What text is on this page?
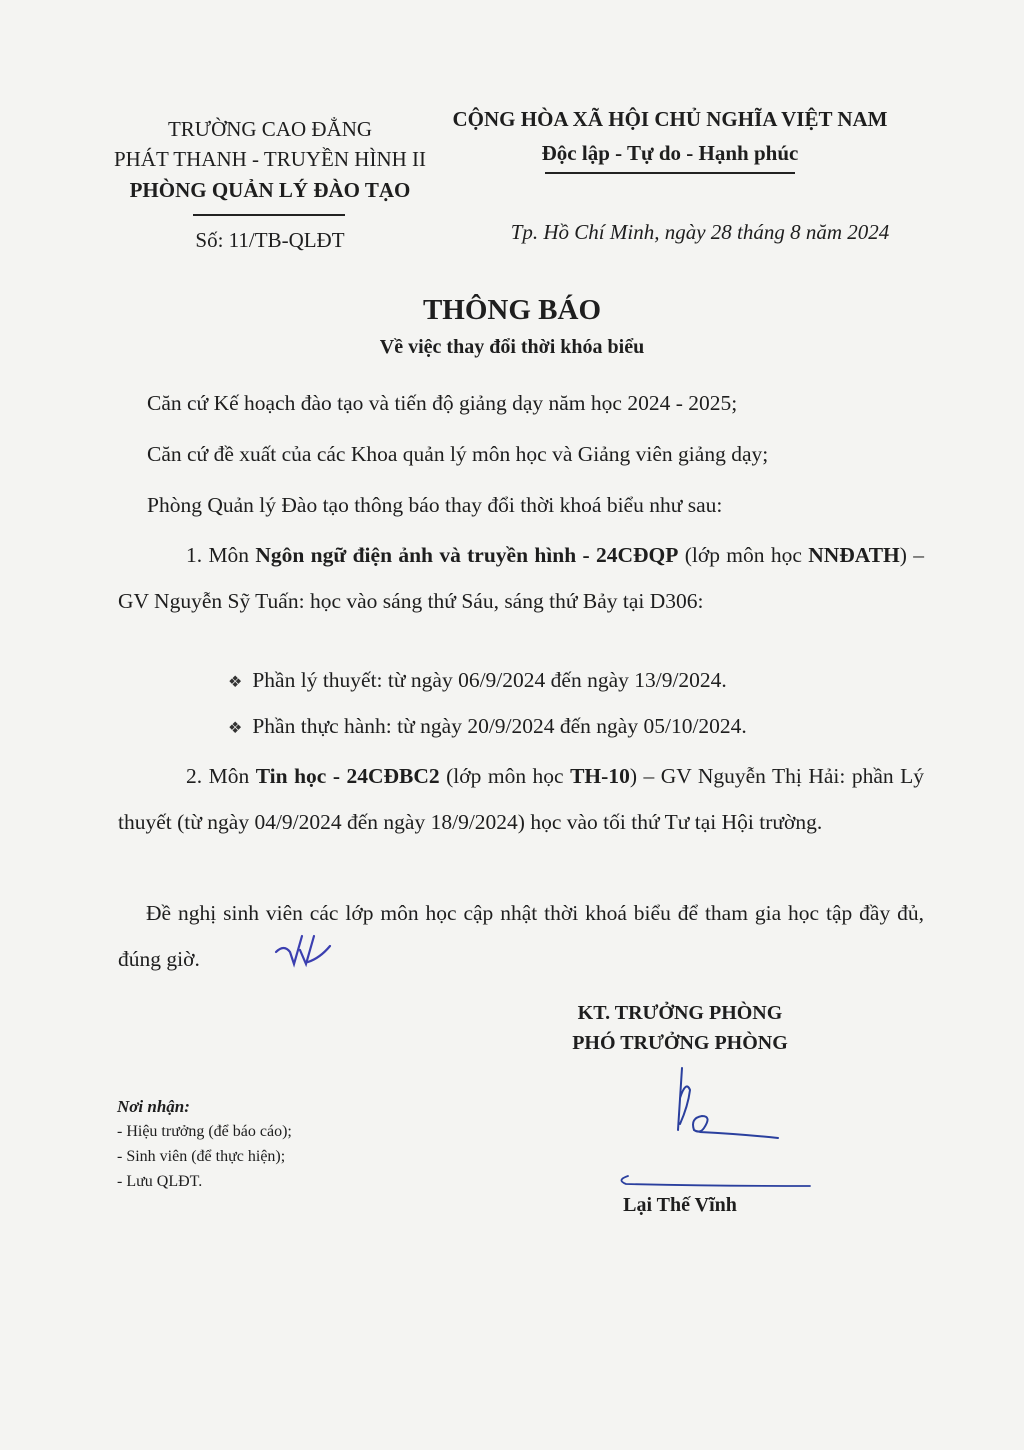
TRƯỜNG CAO ĐẲNG
PHÁT THANH - TRUYỀN HÌNH II
PHÒNG QUẢN LÝ ĐÀO TẠO
Số: 11/TB-QLĐT
CỘNG HÒA XÃ HỘI CHỦ NGHĨA VIỆT NAM
Độc lập - Tự do - Hạnh phúc
Tp. Hồ Chí Minh, ngày 28 tháng 8 năm 2024
THÔNG BÁO
Về việc thay đổi thời khóa biểu
Căn cứ Kế hoạch đào tạo và tiến độ giảng dạy năm học 2024 - 2025;
Căn cứ đề xuất của các Khoa quản lý môn học và Giảng viên giảng dạy;
Phòng Quản lý Đào tạo thông báo thay đổi thời khoá biểu như sau:
1. Môn Ngôn ngữ điện ảnh và truyền hình - 24CĐQP (lớp môn học NNĐATH) – GV Nguyễn Sỹ Tuấn: học vào sáng thứ Sáu, sáng thứ Bảy tại D306:
❖ Phần lý thuyết: từ ngày 06/9/2024 đến ngày 13/9/2024.
❖ Phần thực hành: từ ngày 20/9/2024 đến ngày 05/10/2024.
2. Môn Tin học - 24CĐBC2 (lớp môn học TH-10) – GV Nguyễn Thị Hải: phần Lý thuyết (từ ngày 04/9/2024 đến ngày 18/9/2024) học vào tối thứ Tư tại Hội trường.
Đề nghị sinh viên các lớp môn học cập nhật thời khoá biểu để tham gia học tập đầy đủ, đúng giờ.
KT. TRƯỞNG PHÒNG
PHÓ TRƯỞNG PHÒNG
Lại Thế Vĩnh
Nơi nhận:
- Hiệu trưởng (để báo cáo);
- Sinh viên (để thực hiện);
- Lưu QLĐT.
